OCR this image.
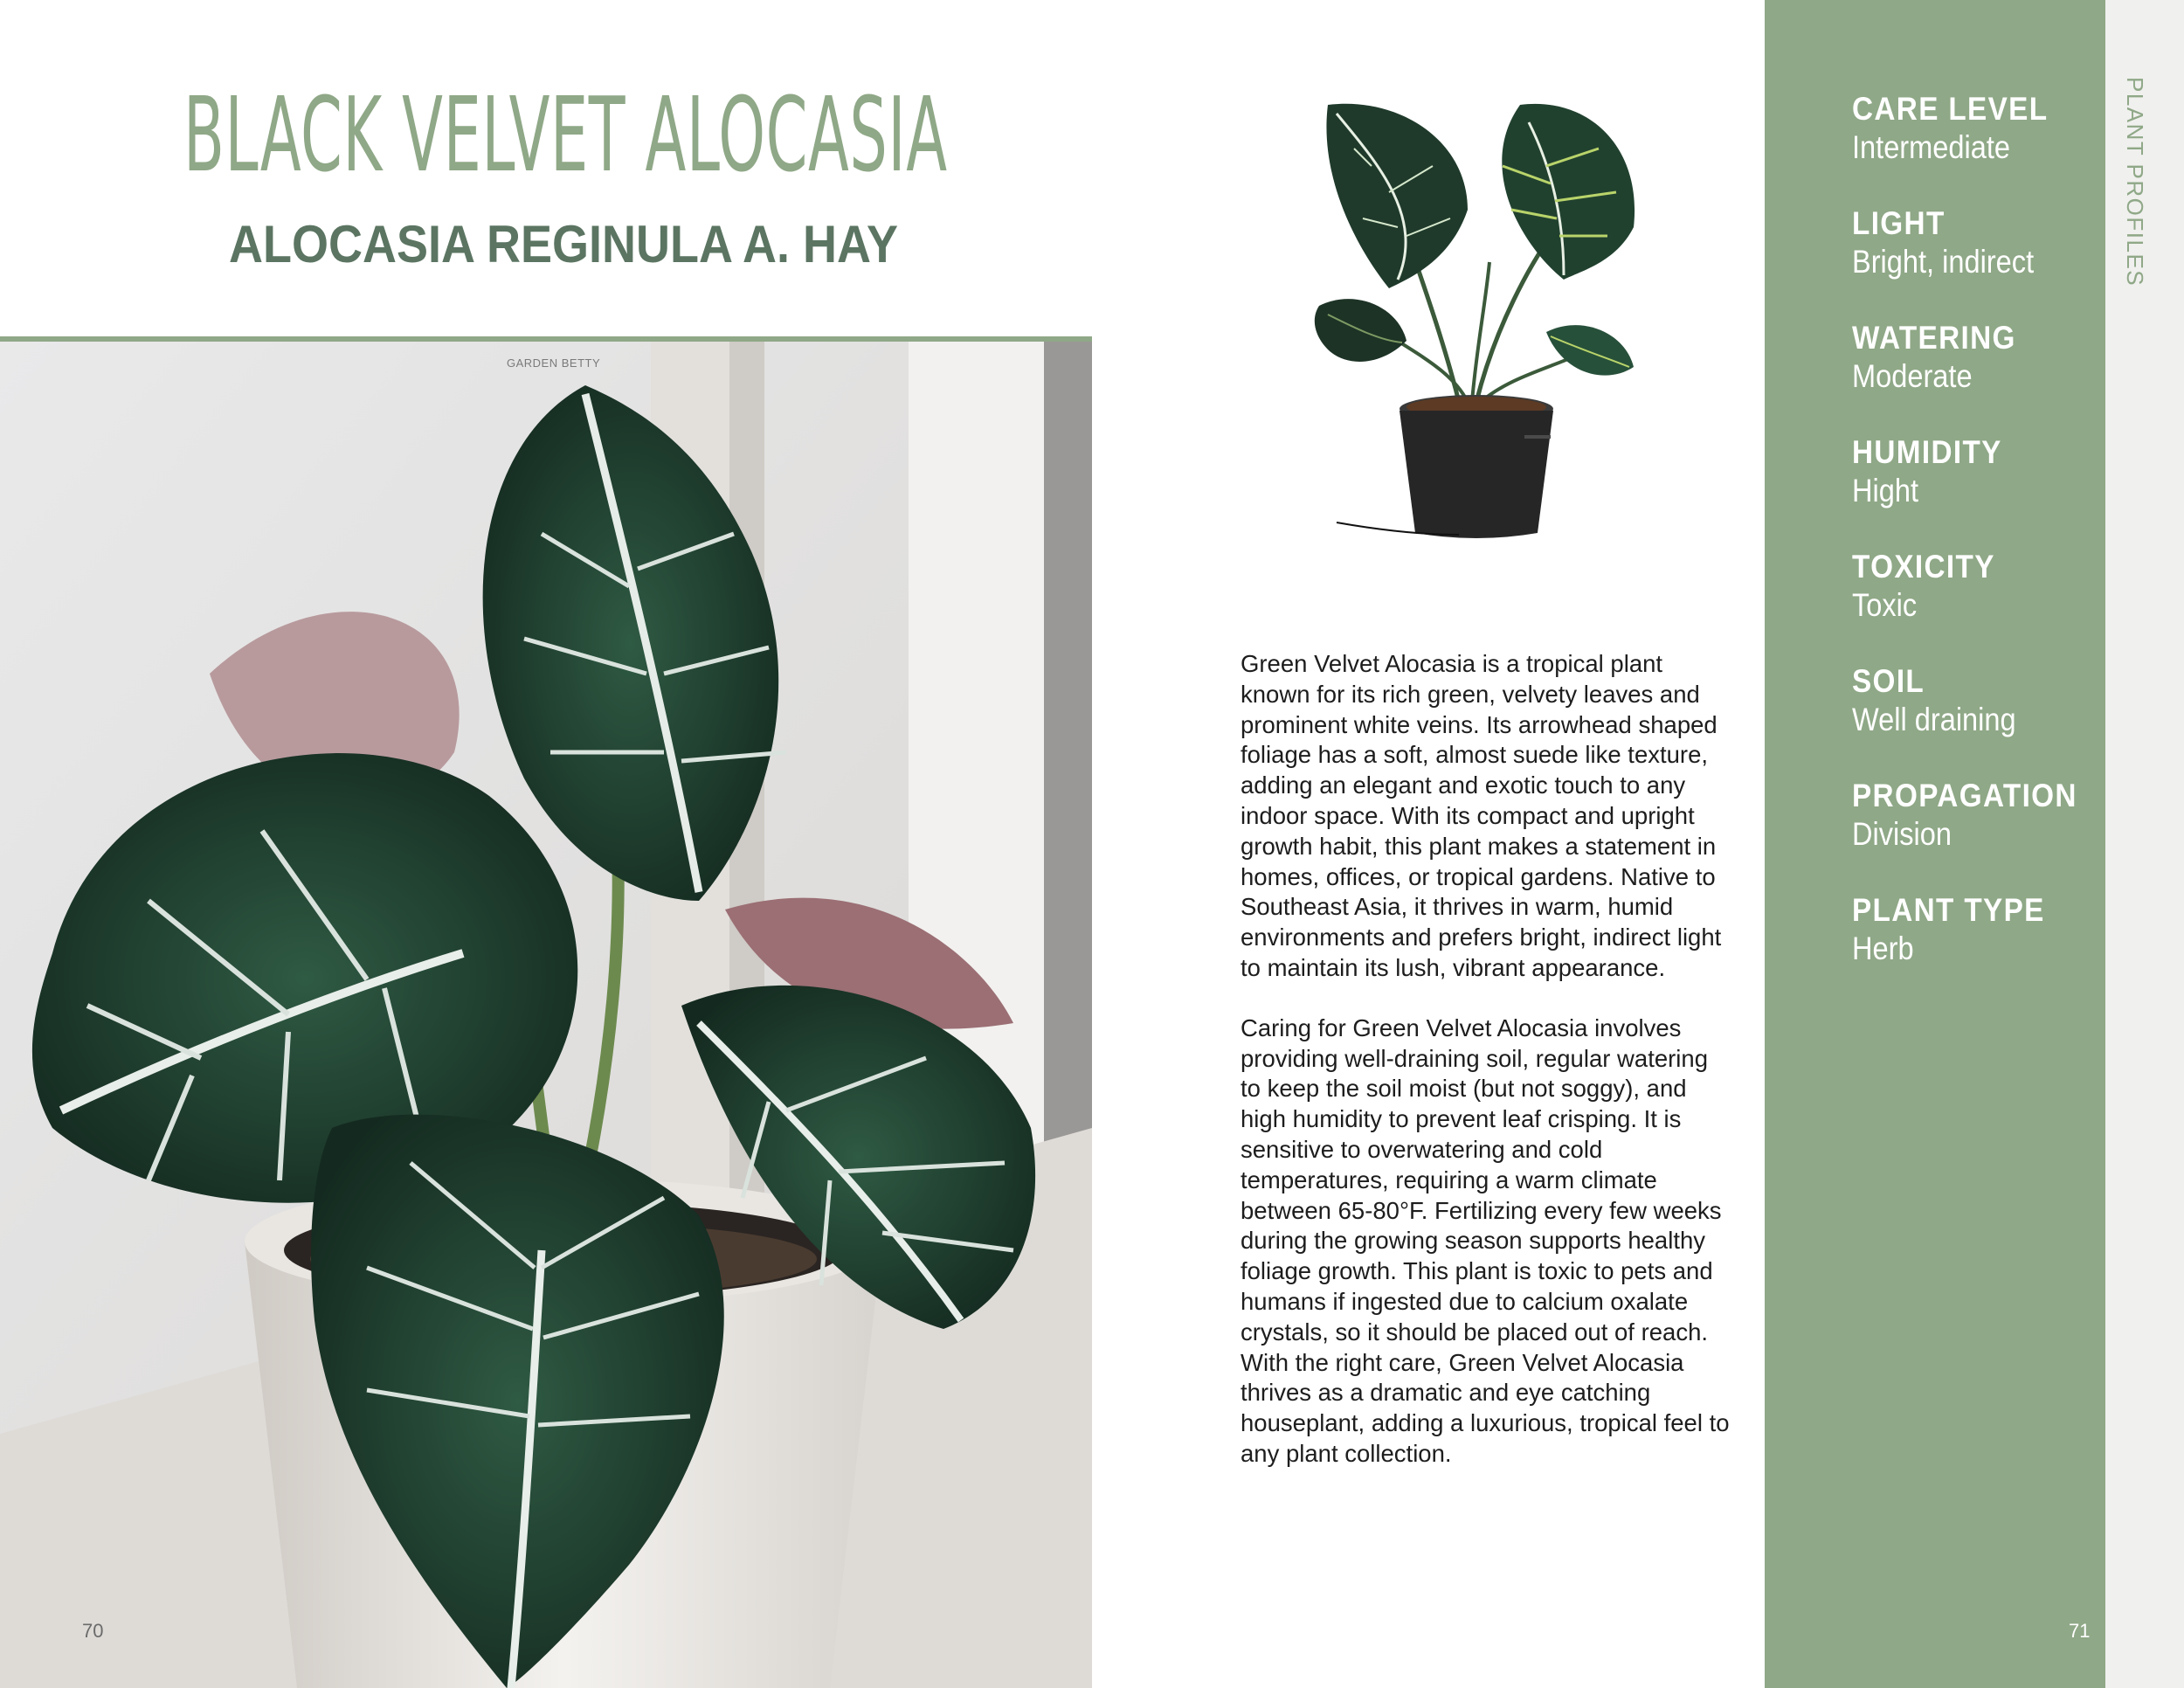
BLACK VELVET ALOCASIA
ALOCASIA REGINULA A. HAY
GARDEN BETTY
70

Green Velvet Alocasia is a tropical plant known for its rich green, velvety leaves and prominent white veins. Its arrowhead shaped foliage has a soft, almost suede like texture, adding an elegant and exotic touch to any indoor space. With its compact and upright growth habit, this plant makes a statement in homes, offices, or tropical gardens. Native to Southeast Asia, it thrives in warm, humid environments and prefers bright, indirect light to maintain its lush, vibrant appearance.

Caring for Green Velvet Alocasia involves providing well-draining soil, regular watering to keep the soil moist (but not soggy), and high humidity to prevent leaf crisping. It is sensitive to overwatering and cold temperatures, requiring a warm climate between 65-80°F. Fertilizing every few weeks during the growing season supports healthy foliage growth. This plant is toxic to pets and humans if ingested due to calcium oxalate crystals, so it should be placed out of reach. With the right care, Green Velvet Alocasia thrives as a dramatic and eye catching houseplant, adding a luxurious, tropical feel to any plant collection.

CARE LEVEL
Intermediate
LIGHT
Bright, indirect
WATERING
Moderate
HUMIDITY
Hight
TOXICITY
Toxic
SOIL
Well draining
PROPAGATION
Division
PLANT TYPE
Herb
PLANT PROFILES
71
